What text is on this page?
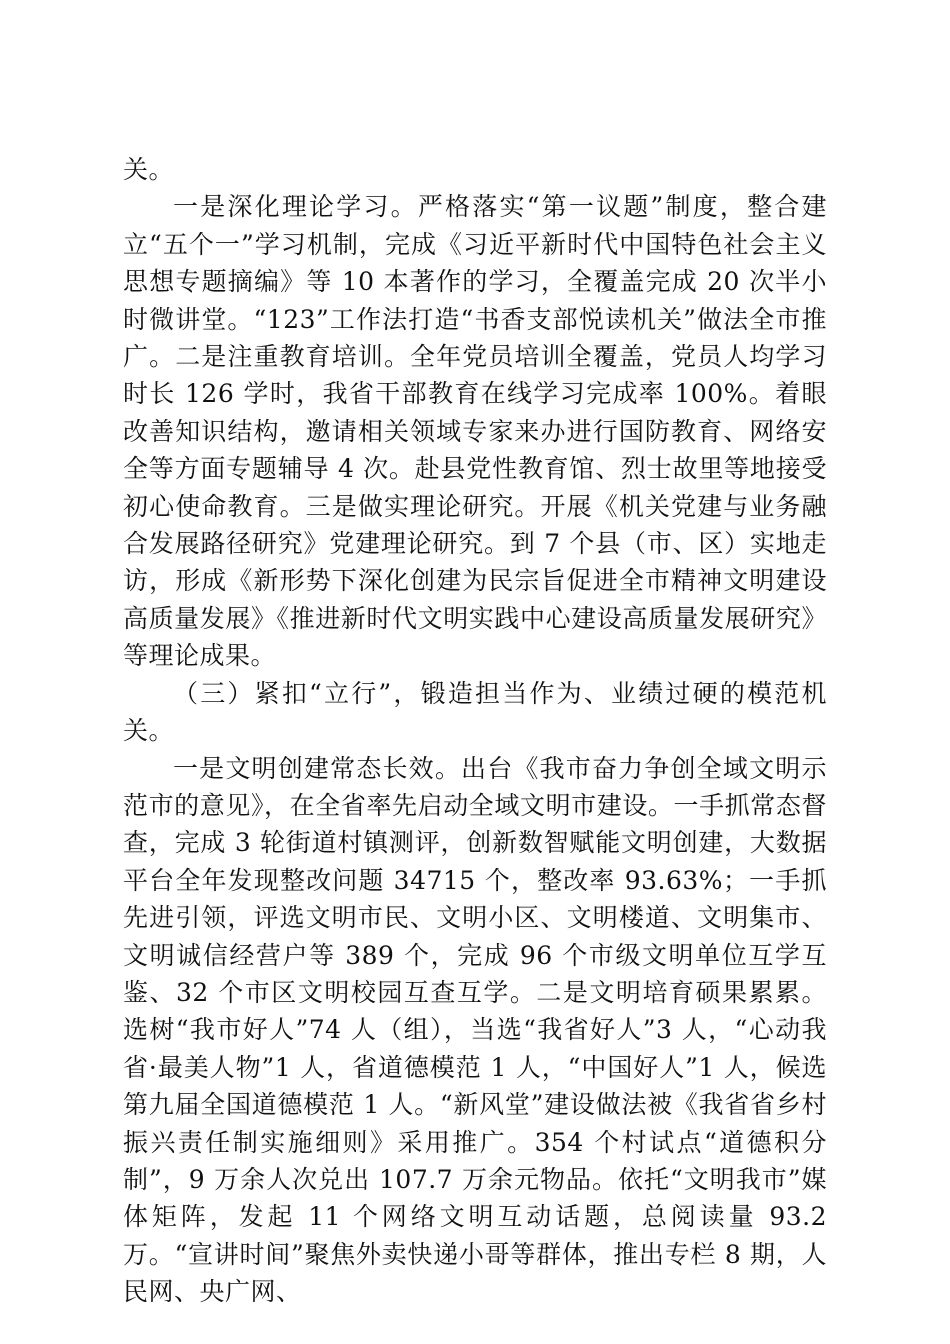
关。

一是深化理论学习。严格落实“第一议题”制度，整合建立“五个一”学习机制，完成《习近平新时代中国特色社会主义思想专题摘编》等 10 本著作的学习，全覆盖完成 20 次半小时微讲堂。“123”工作法打造“书香支部悦读机关”做法全市推广。二是注重教育培训。全年党员培训全覆盖，党员人均学习时长 126 学时，我省干部教育在线学习完成率 100%。着眼改善知识结构，邀请相关领域专家来办进行国防教育、网络安全等方面专题辅导 4 次。赴县党性教育馆、烈士故里等地接受初心使命教育。三是做实理论研究。开展《机关党建与业务融合发展路径研究》党建理论研究。到 7 个县（市、区）实地走访，形成《新形势下深化创建为民宗旨促进全市精神文明建设高质量发展》《推进新时代文明实践中心建设高质量发展研究》等理论成果。

（三）紧扣“立行”，锻造担当作为、业绩过硬的模范机关。

一是文明创建常态长效。出台《我市奋力争创全域文明示范市的意见》，在全省率先启动全域文明市建设。一手抓常态督查，完成 3 轮街道村镇测评，创新数智赋能文明创建，大数据平台全年发现整改问题 34715 个，整改率 93.63%；一手抓先进引领，评选文明市民、文明小区、文明楼道、文明集市、文明诚信经营户等 389 个，完成 96 个市级文明单位互学互鉴、32 个市区文明校园互查互学。二是文明培育硕果累累。选树“我市好人”74 人（组），当选“我省好人”3 人，“心动我省·最美人物”1 人，省道德模范 1 人，“中国好人”1 人，候选第九届全国道德模范 1 人。“新风堂”建设做法被《我省省乡村振兴责任制实施细则》采用推广。354 个村试点“道德积分制”，9 万余人次兑出 107.7 万余元物品。依托“文明我市”媒体矩阵，发起 11 个网络文明互动话题，总阅读量 93.2 万。“宣讲时间”聚焦外卖快递小哥等群体，推出专栏 8 期，人民网、央广网、
